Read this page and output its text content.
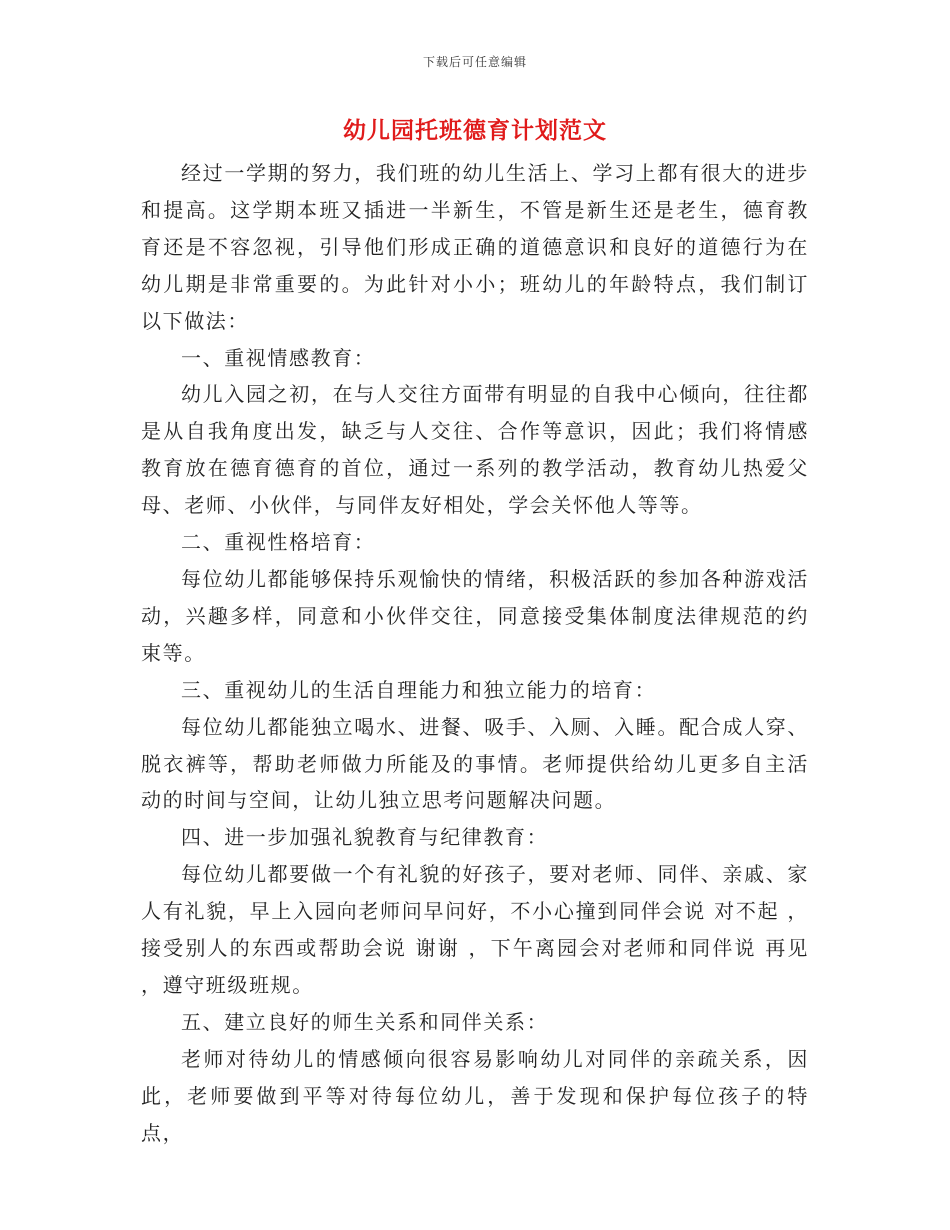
下载后可任意编辑
幼儿园托班德育计划范文

经过一学期的努力，我们班的幼儿生活上、学习上都有很大的进步和提高。这学期本班又插进一半新生，不管是新生还是老生，德育教育还是不容忽视，引导他们形成正确的道德意识和良好的道德行为在幼儿期是非常重要的。为此针对小小；班幼儿的年龄特点，我们制订以下做法：

一、重视情感教育：

幼儿入园之初，在与人交往方面带有明显的自我中心倾向，往往都是从自我角度出发，缺乏与人交往、合作等意识，因此；我们将情感教育放在德育德育的首位，通过一系列的教学活动，教育幼儿热爱父母、老师、小伙伴，与同伴友好相处，学会关怀他人等等。

二、重视性格培育：

每位幼儿都能够保持乐观愉快的情绪，积极活跃的参加各种游戏活动，兴趣多样，同意和小伙伴交往，同意接受集体制度法律规范的约束等。

三、重视幼儿的生活自理能力和独立能力的培育：

每位幼儿都能独立喝水、进餐、吸手、入厕、入睡。配合成人穿、脱衣裤等，帮助老师做力所能及的事情。老师提供给幼儿更多自主活动的时间与空间，让幼儿独立思考问题解决问题。

四、进一步加强礼貌教育与纪律教育：

每位幼儿都要做一个有礼貌的好孩子，要对老师、同伴、亲戚、家人有礼貌，早上入园向老师问早问好，不小心撞到同伴会说 对不起 ，接受别人的东西或帮助会说 谢谢 ，下午离园会对老师和同伴说 再见 ，遵守班级班规。

五、建立良好的师生关系和同伴关系：

老师对待幼儿的情感倾向很容易影响幼儿对同伴的亲疏关系，因此，老师要做到平等对待每位幼儿，善于发现和保护每位孩子的特点，
